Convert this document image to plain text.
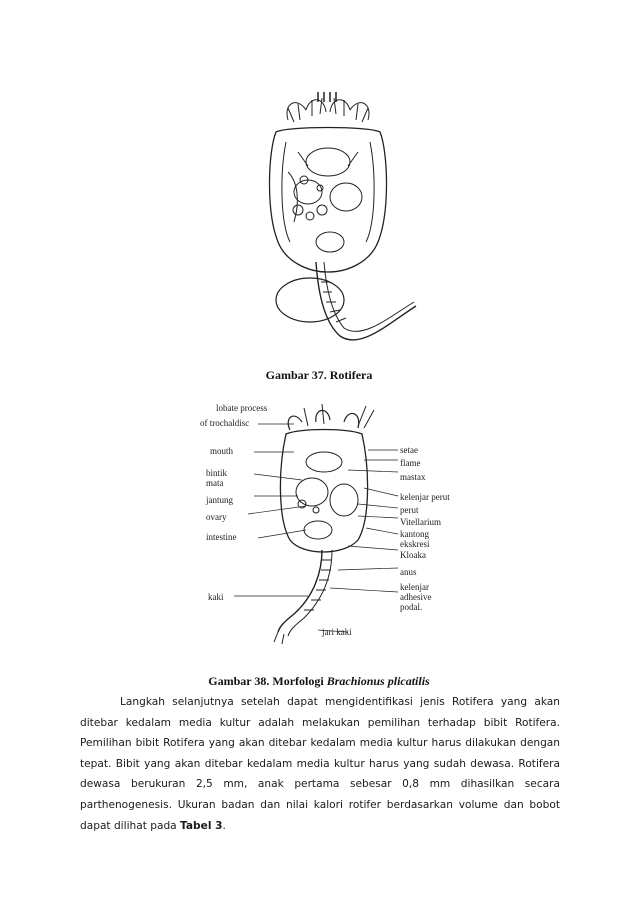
Gambar 37. Rotifera
lobate process
of trochaldisc
mouth
bintik mata
jantung
ovary
intestine
kaki
setae
flame
mastax
kelenjar perut
perut
Vitellarium
kantong ekskresi
Kloaka
anus
kelenjar adhesive podal.
jari kaki
Gambar 38. Morfologi Brachionus plicatilis
Langkah selanjutnya setelah dapat mengidentifikasi jenis Rotifera yang akan ditebar kedalam media kultur adalah melakukan pemilihan terhadap bibit Rotifera. Pemilihan bibit Rotifera yang akan ditebar kedalam media kultur harus dilakukan dengan tepat. Bibit yang akan ditebar kedalam media kultur harus yang sudah dewasa. Rotifera dewasa berukuran 2,5 mm, anak pertama sebesar 0,8 mm dihasilkan secara parthenogenesis. Ukuran badan dan nilai kalori rotifer berdasarkan volume dan bobot dapat dilihat pada Tabel 3.
